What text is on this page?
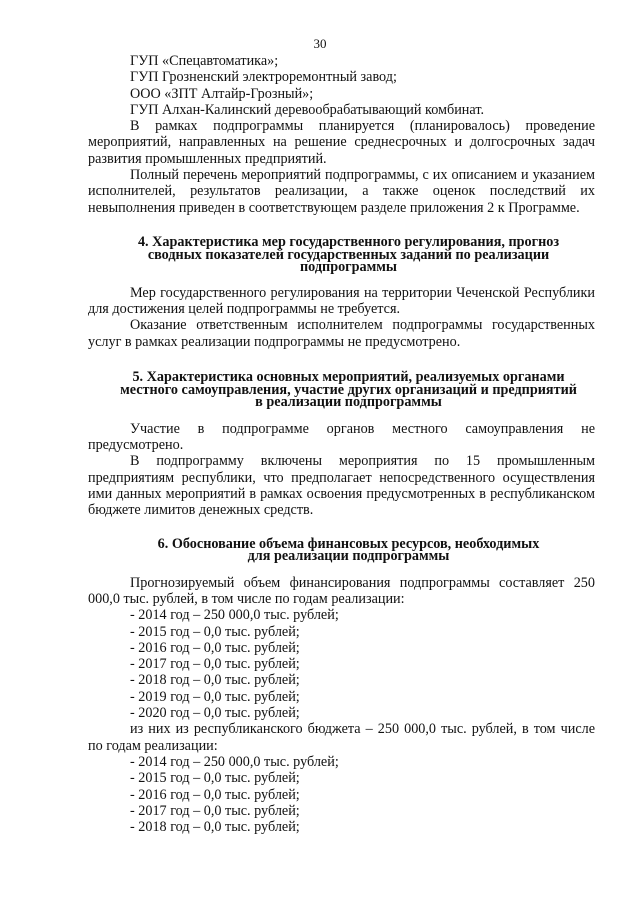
30

ГУП «Спецавтоматика»;

ГУП Грозненский электроремонтный завод;

ООО «ЗПТ Алтайр-Грозный»;

ГУП Алхан-Калинский деревообрабатывающий комбинат.

В рамках подпрограммы планируется (планировалось) проведение мероприятий, направленных на решение среднесрочных и долгосрочных задач развития промышленных предприятий.

Полный перечень мероприятий подпрограммы, с их описанием и указанием исполнителей, результатов реализации, а также оценок последствий их невыполнения приведен в соответствующем разделе приложения 2 к Программе.

4. Характеристика мер государственного регулирования, прогноз
сводных показателей государственных заданий по реализации
подпрограммы

Мер государственного регулирования на территории Чеченской Республики для достижения целей подпрограммы не требуется.

Оказание ответственным исполнителем подпрограммы государственных услуг в рамках реализации подпрограммы не предусмотрено.

5. Характеристика основных мероприятий, реализуемых органами
местного самоуправления, участие других организаций и предприятий
в реализации подпрограммы

Участие в подпрограмме органов местного самоуправления не предусмотрено.

В подпрограмму включены мероприятия по 15 промышленным предприятиям республики, что предполагает непосредственного осуществления ими данных мероприятий в рамках освоения предусмотренных в республиканском бюджете лимитов денежных средств.

6. Обоснование объема финансовых ресурсов, необходимых
для реализации подпрограммы

Прогнозируемый объем финансирования подпрограммы составляет 250 000,0 тыс. рублей, в том числе по годам реализации:

- 2014 год – 250 000,0 тыс. рублей;
- 2015 год – 0,0 тыс. рублей;
- 2016 год – 0,0 тыс. рублей;
- 2017 год – 0,0 тыс. рублей;
- 2018 год – 0,0 тыс. рублей;
- 2019 год – 0,0 тыс. рублей;
- 2020 год – 0,0 тыс. рублей;

из них из республиканского бюджета – 250 000,0 тыс. рублей, в том числе по годам реализации:

- 2014 год – 250 000,0 тыс. рублей;
- 2015 год – 0,0 тыс. рублей;
- 2016 год – 0,0 тыс. рублей;
- 2017 год – 0,0 тыс. рублей;
- 2018 год – 0,0 тыс. рублей;
